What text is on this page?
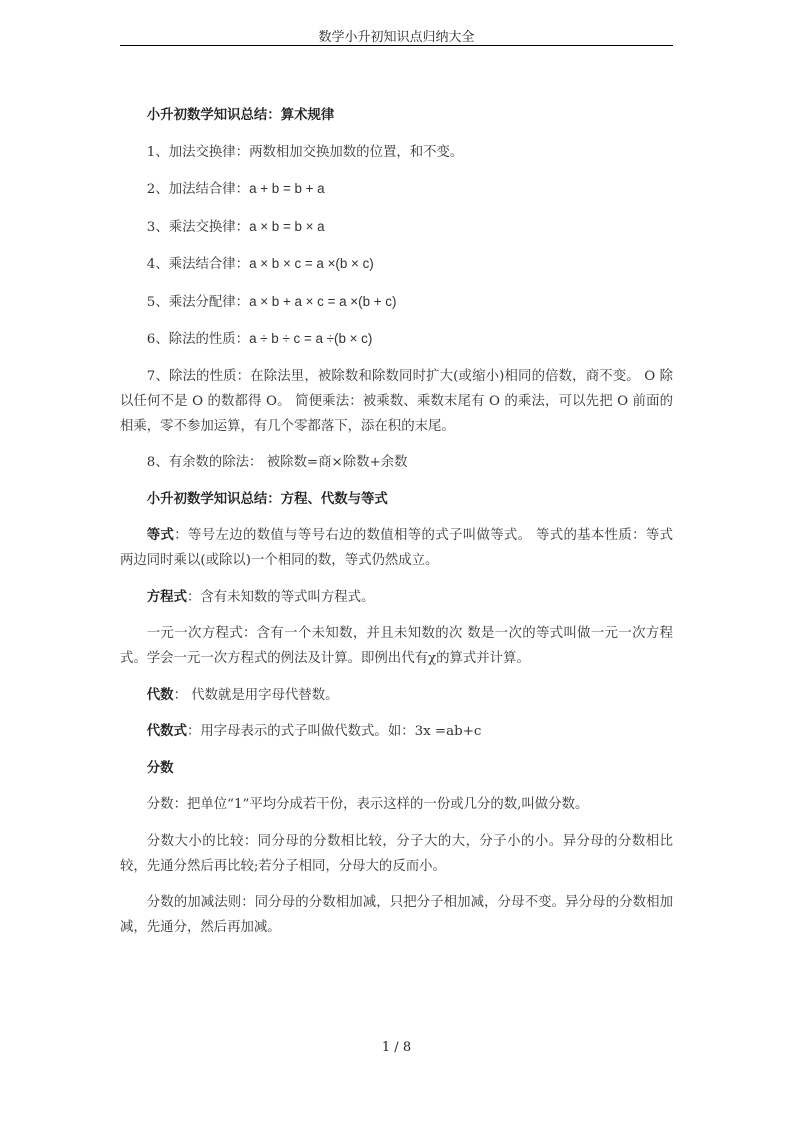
数学小升初知识点归纳大全

小升初数学知识总结：算术规律

1、加法交换律：两数相加交换加数的位置，和不变。

2、加法结合律：a + b = b + a

3、乘法交换律：a × b = b × a

4、乘法结合律：a × b × c = a ×(b × c)

5、乘法分配律：a × b + a × c = a ×(b + c)

6、除法的性质：a ÷ b ÷ c = a ÷(b × c)

7、除法的性质：在除法里，被除数和除数同时扩大(或缩小)相同的倍数，商不变。 O 除以任何不是 O 的数都得 O。 简便乘法：被乘数、乘数末尾有 O 的乘法，可以先把 O 前面的相乘，零不参加运算，有几个零都落下，添在积的末尾。

8、有余数的除法： 被除数=商×除数+余数

小升初数学知识总结：方程、代数与等式

等式：等号左边的数值与等号右边的数值相等的式子叫做等式。 等式的基本性质：等式两边同时乘以(或除以)一个相同的数，等式仍然成立。

方程式：含有未知数的等式叫方程式。

一元一次方程式：含有一个未知数，并且未知数的次 数是一次的等式叫做一元一次方程式。学会一元一次方程式的例法及计算。即例出代有χ的算式并计算。

代数： 代数就是用字母代替数。

代数式：用字母表示的式子叫做代数式。如：3x =ab+c

分数

分数：把单位“1”平均分成若干份，表示这样的一份或几分的数,叫做分数。

分数大小的比较：同分母的分数相比较，分子大的大，分子小的小。异分母的分数相比较，先通分然后再比较;若分子相同，分母大的反而小。

分数的加减法则：同分母的分数相加减，只把分子相加减，分母不变。异分母的分数相加减，先通分，然后再加减。

1 / 8
